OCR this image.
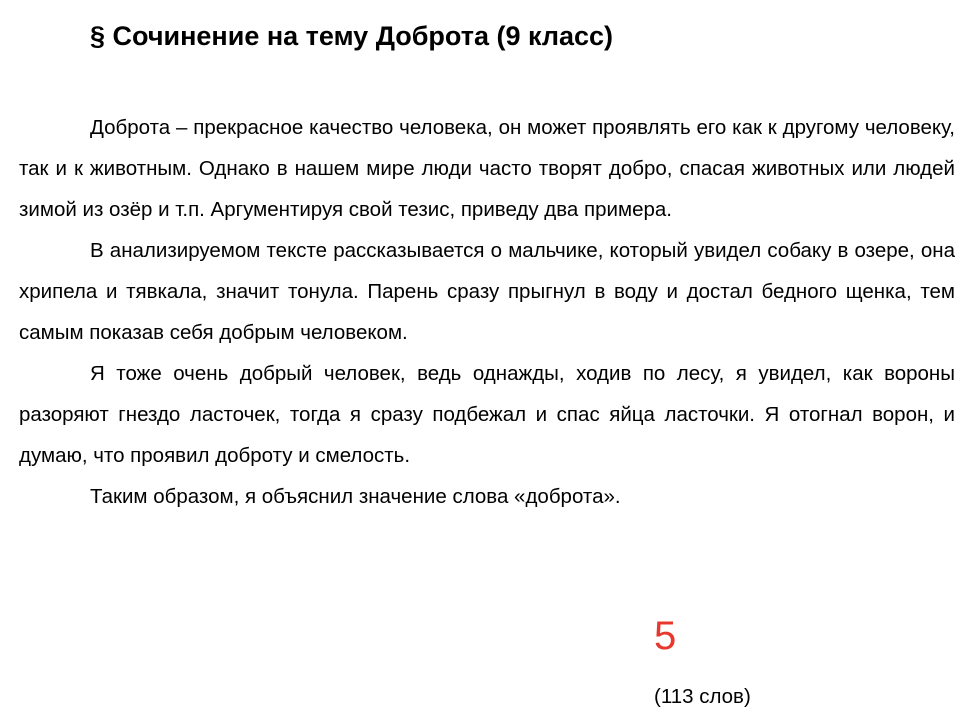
§ Сочинение на тему Доброта (9 класс)

Доброта – прекрасное качество человека, он может проявлять его как к другому человеку, так и к животным. Однако в нашем мире люди часто творят добро, спасая животных или людей зимой из озёр и т.п. Аргументируя свой тезис, приведу два примера.

В анализируемом тексте рассказывается о мальчике, который увидел собаку в озере, она хрипела и тявкала, значит тонула. Парень сразу прыгнул в воду и достал бедного щенка, тем самым показав себя добрым человеком.

Я тоже очень добрый человек, ведь однажды, ходив по лесу, я увидел, как вороны разоряют гнездо ласточек, тогда я сразу подбежал и спас яйца ласточки. Я отогнал ворон, и думаю, что проявил доброту и смелость.

Таким образом, я объяснил значение слова «доброта».

5
(113 слов)
